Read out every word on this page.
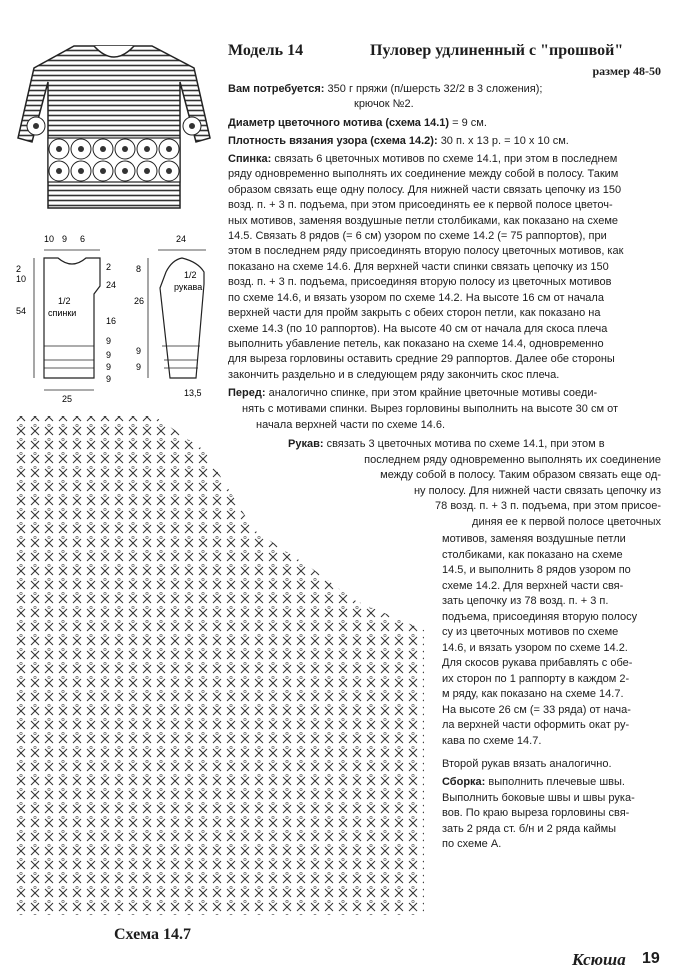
10 9 6
2
10
54
2
24
16
9
9
9
9
1/2
спинки
25
24
8
26
9
9
1/2
рукава
13,5
Модель 14	Пуловер удлиненный с "прошвой"
размер 48-50
Вам потребуется: 350 г пряжи (п/шерсть 32/2 в 3 сложения);
крючок №2.
Диаметр цветочного мотива (схема 14.1) = 9 см.
Плотность вязания узора (схема 14.2): 30 п. х 13 р. = 10 х 10 см.
Спинка: связать 6 цветочных мотивов по схеме 14.1, при этом в последнем
ряду одновременно выполнять их соединение между собой в полосу. Таким
образом связать еще одну полосу. Для нижней части связать цепочку из 150
возд. п. + 3 п. подъема, при этом присоединять ее к первой полосе цветоч-
ных мотивов, заменяя воздушные петли столбиками, как показано на схеме
14.5. Связать 8 рядов (= 6 см) узором по схеме 14.2 (= 75 раппортов), при
этом в последнем ряду присоединять вторую полосу цветочных мотивов, как
показано на схеме 14.6. Для верхней части спинки связать цепочку из 150
возд. п. + 3 п. подъема, присоединяя вторую полосу из цветочных мотивов
по схеме 14.6, и вязать узором по схеме 14.2. На высоте 16 см от начала
верхней части для пройм закрыть с обеих сторон петли, как показано на
схеме 14.3 (по 10 раппортов). На высоте 40 см от начала для скоса плеча
выполнить убавление петель, как показано на схеме 14.4, одновременно
для выреза горловины оставить средние 29 раппортов. Далее обе стороны
закончить раздельно и в следующем ряду закончить скос плеча.
Перед: аналогично спинке, при этом крайние цветочные мотивы соеди-
нять с мотивами спинки. Вырез горловины выполнить на высоте 30 см от
начала верхней части по схеме 14.6.
Рукав: связать 3 цветочных мотива по схеме 14.1, при этом в
последнем ряду одновременно выполнять их соединение
между собой в полосу. Таким образом связать еще од-
ну полосу. Для нижней части связать цепочку из
78 возд. п. + 3 п. подъема, при этом присое-
диняя ее к первой полосе цветочных
мотивов, заменяя воздушные петли
столбиками, как показано на схеме
14.5, и выполнить 8 рядов узором по
схеме 14.2. Для верхней части свя-
зать цепочку из 78 возд. п. + 3 п.
подъема, присоединяя вторую полосу
су из цветочных мотивов по схеме
14.6, и вязать узором по схеме 14.2.
Для скосов рукава прибавлять с обе-
их сторон по 1 раппорту в каждом 2-
м ряду, как показано на схеме 14.7.
На высоте 26 см (= 33 ряда) от нача-
ла верхней части оформить окат ру-
кава по схеме 14.7.
Второй рукав вязать аналогично.
Сборка: выполнить плечевые швы.
Выполнить боковые швы и швы рука-
вов. По краю выреза горловины свя-
зать 2 ряда ст. б/н и 2 ряда каймы
по схеме А.
Схема 14.7
Ксюша 19
